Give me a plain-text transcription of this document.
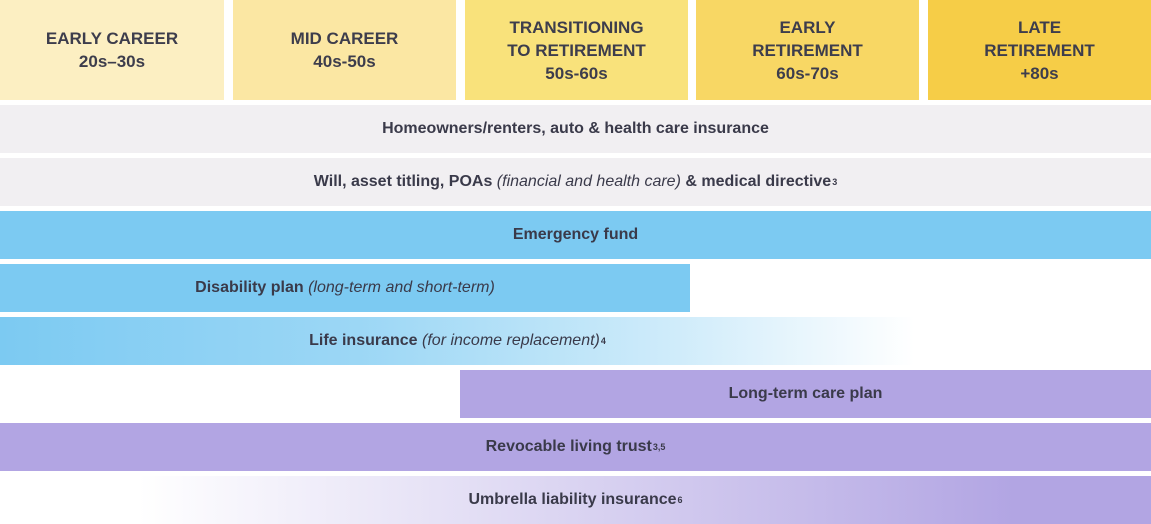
EARLY CAREER
20s–30s
MID CAREER
40s-50s
TRANSITIONING
TO RETIREMENT
50s-60s
EARLY
RETIREMENT
60s-70s
LATE
RETIREMENT
+80s
Homeowners/renters, auto & health care insurance
Will, asset titling, POAs
(financial and health care)
& medical directive 3
Emergency fund
Disability plan
(long-term and short-term)
Life insurance
(for income replacement) 4
Long-term care plan
Revocable living trust 3,5
Umbrella liability insurance 6
